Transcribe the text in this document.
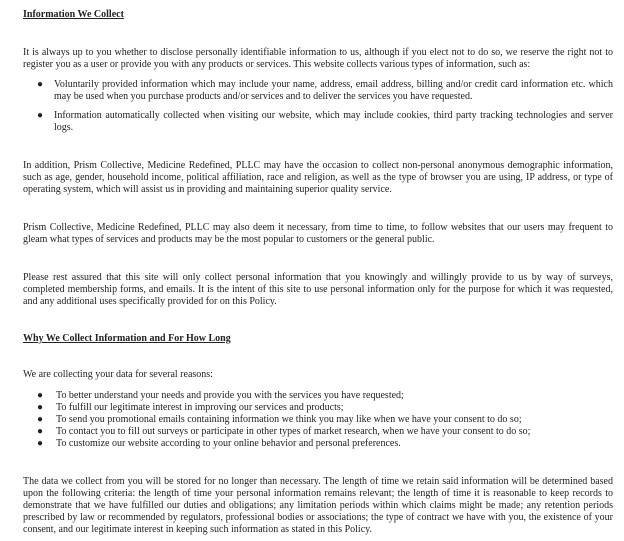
Information We Collect

It is always up to you whether to disclose personally identifiable information to us, although if you elect not to do so, we reserve the right not to register you as a user or provide you with any products or services. This website collects various types of information, such as:

● Voluntarily provided information which may include your name, address, email address, billing and/or credit card information etc. which may be used when you purchase products and/or services and to deliver the services you have requested.
● Information automatically collected when visiting our website, which may include cookies, third party tracking technologies and server logs.

In addition, Prism Collective, Medicine Redefined, PLLC may have the occasion to collect non-personal anonymous demographic information, such as age, gender, household income, political affiliation, race and religion, as well as the type of browser you are using, IP address, or type of operating system, which will assist us in providing and maintaining superior quality service.

Prism Collective, Medicine Redefined, PLLC may also deem it necessary, from time to time, to follow websites that our users may frequent to gleam what types of services and products may be the most popular to customers or the general public.

Please rest assured that this site will only collect personal information that you knowingly and willingly provide to us by way of surveys, completed membership forms, and emails. It is the intent of this site to use personal information only for the purpose for which it was requested, and any additional uses specifically provided for on this Policy.

Why We Collect Information and For How Long

We are collecting your data for several reasons:

● To better understand your needs and provide you with the services you have requested;
● To fulfill our legitimate interest in improving our services and products;
● To send you promotional emails containing information we think you may like when we have your consent to do so;
● To contact you to fill out surveys or participate in other types of market research, when we have your consent to do so;
● To customize our website according to your online behavior and personal preferences.

The data we collect from you will be stored for no longer than necessary. The length of time we retain said information will be determined based upon the following criteria: the length of time your personal information remains relevant; the length of time it is reasonable to keep records to demonstrate that we have fulfilled our duties and obligations; any limitation periods within which claims might be made; any retention periods prescribed by law or recommended by regulators, professional bodies or associations; the type of contract we have with you, the existence of your consent, and our legitimate interest in keeping such information as stated in this Policy.
